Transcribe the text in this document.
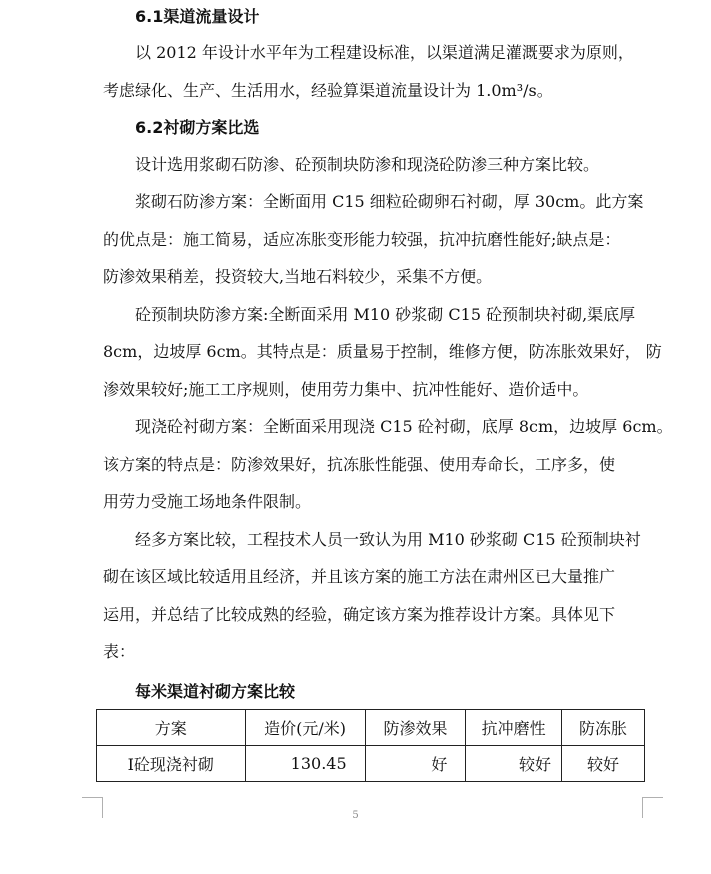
6.1渠道流量设计
以 2012 年设计水平年为工程建设标准，以渠道满足灌溉要求为原则，
考虑绿化、生产、生活用水，经验算渠道流量设计为 1.0m³/s。
6.2衬砌方案比选
设计选用浆砌石防渗、砼预制块防渗和现浇砼防渗三种方案比较。
浆砌石防渗方案：全断面用 C15 细粒砼砌卵石衬砌，厚 30cm。此方案
的优点是：施工简易，适应冻胀变形能力较强，抗冲抗磨性能好;缺点是：
防渗效果稍差，投资较大,当地石料较少，采集不方便。
砼预制块防渗方案:全断面采用 M10 砂浆砌 C15 砼预制块衬砌,渠底厚
8cm，边坡厚 6cm。其特点是：质量易于控制，维修方便，防冻胀效果好， 防
渗效果较好;施工工序规则，使用劳力集中、抗冲性能好、造价适中。
现浇砼衬砌方案：全断面采用现浇 C15 砼衬砌，底厚 8cm，边坡厚 6cm。
该方案的特点是：防渗效果好，抗冻胀性能强、使用寿命长，工序多，使
用劳力受施工场地条件限制。
经多方案比较，工程技术人员一致认为用 M10 砂浆砌 C15 砼预制块衬
砌在该区域比较适用且经济，并且该方案的施工方法在肃州区已大量推广
运用，并总结了比较成熟的经验，确定该方案为推荐设计方案。具体见下
表：
每米渠道衬砌方案比较
方案	造价(元/米)	防渗效果	抗冲磨性	防冻胀
Ⅰ砼现浇衬砌	130.45	好	较好	较好
5
